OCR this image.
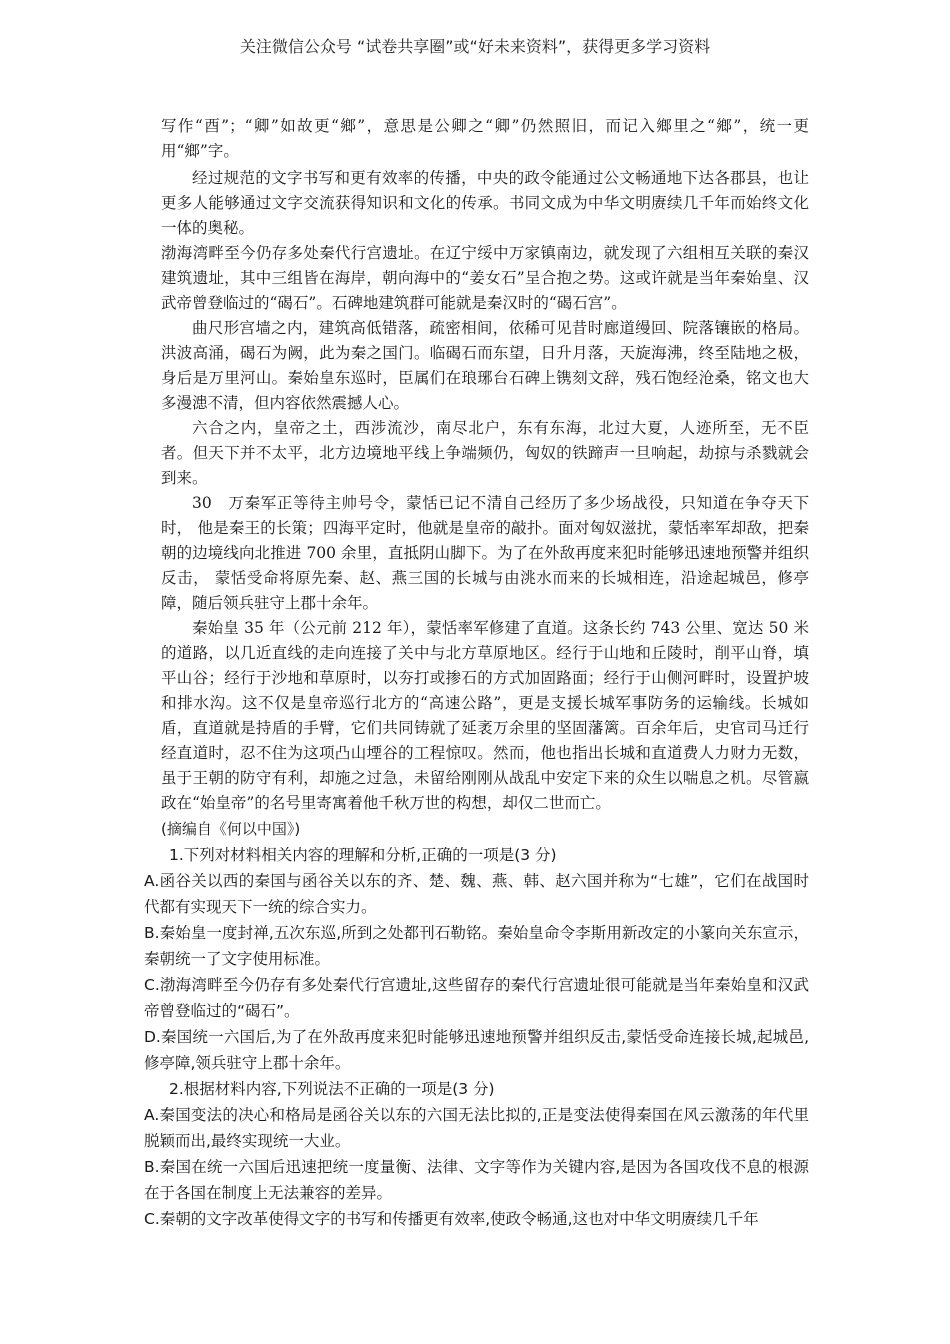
关注微信公众号 “试卷共享圈”或“好未来资料”，获得更多学习资料

写作“酉”；“卿”如故更“鄉”，意思是公卿之“卿”仍然照旧，而记入鄉里之“鄉”，统一更用“鄉”字。

经过规范的文字书写和更有效率的传播，中央的政令能通过公文畅通地下达各郡县，也让更多人能够通过文字交流获得知识和文化的传承。书同文成为中华文明赓续几千年而始终文化一体的奥秘。

渤海湾畔至今仍存多处秦代行宫遗址。在辽宁绥中万家镇南边，就发现了六组相互关联的秦汉建筑遗址，其中三组皆在海岸，朝向海中的“姜女石”呈合抱之势。这或许就是当年秦始皇、汉武帝曾登临过的“碣石”。石碑地建筑群可能就是秦汉时的“碣石宫”。

曲尺形宫墙之内，建筑高低错落，疏密相间，依稀可见昔时廊道缦回、院落镶嵌的格局。洪波高涌，碣石为阙，此为秦之国门。临碣石而东望，日升月落，天旋海沸，终至陆地之极，身后是万里河山。秦始皇东巡时，臣属们在琅琊台石碑上镌刻文辞，残石饱经沧桑，铭文也大多漫漶不清，但内容依然震撼人心。

六合之内，皇帝之土，西涉流沙，南尽北户，东有东海，北过大夏，人迹所至，无不臣者。但天下并不太平，北方边境地平线上争端频仍，匈奴的铁蹄声一旦响起，劫掠与杀戮就会到来。

30　万秦军正等待主帅号令，蒙恬已记不清自己经历了多少场战役，只知道在争夺天下时， 他是秦王的长策；四海平定时，他就是皇帝的敲扑。面对匈奴滋扰，蒙恬率军却敌，把秦朝的边境线向北推进 700 余里，直抵阴山脚下。为了在外敌再度来犯时能够迅速地预警并组织反击， 蒙恬受命将原先秦、赵、燕三国的长城与由洮水而来的长城相连，沿途起城邑，修亭障，随后领兵驻守上郡十余年。

秦始皇 35 年（公元前 212 年），蒙恬率军修建了直道。这条长约 743 公里、宽达 50 米的道路，以几近直线的走向连接了关中与北方草原地区。经行于山地和丘陵时，削平山脊，填平山谷；经行于沙地和草原时，以夯打或掺石的方式加固路面；经行于山侧河畔时，设置护坡和排水沟。这不仅是皇帝巡行北方的“高速公路”，更是支援长城军事防务的运输线。长城如盾，直道就是持盾的手臂，它们共同铸就了延袤万余里的坚固藩篱。百余年后，史官司马迁行经直道时，忍不住为这项凸山堙谷的工程惊叹。然而，他也指出长城和直道费人力财力无数，虽于王朝的防守有利，却施之过急，未留给刚刚从战乱中安定下来的众生以喘息之机。尽管嬴政在“始皇帝”的名号里寄寓着他千秋万世的构想，却仅二世而亡。

(摘编自《何以中国》)

1.下列对材料相关内容的理解和分析,正确的一项是(3 分)

A.函谷关以西的秦国与函谷关以东的齐、楚、魏、燕、韩、赵六国并称为“七雄”，它们在战国时代都有实现天下一统的综合实力。

B.秦始皇一度封禅,五次东巡,所到之处都刊石勒铭。秦始皇命令李斯用新改定的小篆向关东宣示，秦朝统一了文字使用标准。

C.渤海湾畔至今仍存有多处秦代行宫遗址,这些留存的秦代行宫遗址很可能就是当年秦始皇和汉武帝曾登临过的“碣石”。

D.秦国统一六国后,为了在外敌再度来犯时能够迅速地预警并组织反击,蒙恬受命连接长城,起城邑,修亭障,领兵驻守上郡十余年。

2.根据材料内容,下列说法不正确的一项是(3 分)

A.秦国变法的决心和格局是函谷关以东的六国无法比拟的,正是变法使得秦国在风云激荡的年代里脱颖而出,最终实现统一大业。

B.秦国在统一六国后迅速把统一度量衡、法律、文字等作为关键内容,是因为各国攻伐不息的根源在于各国在制度上无法兼容的差异。

C.秦朝的文字改革使得文字的书写和传播更有效率,使政令畅通,这也对中华文明赓续几千年
